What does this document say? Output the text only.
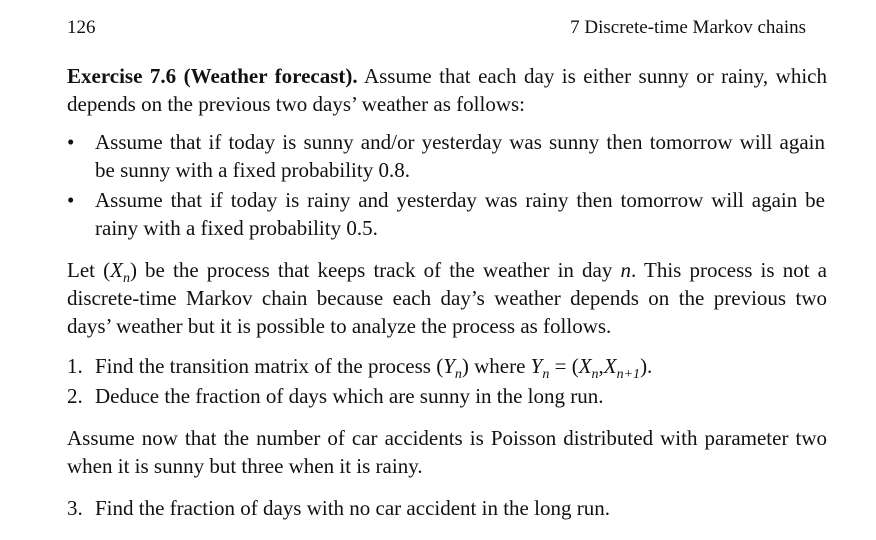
126	7 Discrete-time Markov chains
Exercise 7.6 (Weather forecast). Assume that each day is either sunny or rainy, which depends on the previous two days’ weather as follows:
• Assume that if today is sunny and/or yesterday was sunny then tomorrow will again be sunny with a fixed probability 0.8.
• Assume that if today is rainy and yesterday was rainy then tomorrow will again be rainy with a fixed probability 0.5.
Let $(X_n)$ be the process that keeps track of the weather in day n. This process is not a discrete-time Markov chain because each day’s weather depends on the previous two days’ weather but it is possible to analyze the process as follows.
1. Find the transition matrix of the process $(Y_n)$ where $Y_n = (X_n,X_{n+1})$.
2. Deduce the fraction of days which are sunny in the long run.
Assume now that the number of car accidents is Poisson distributed with parameter two when it is sunny but three when it is rainy.
3. Find the fraction of days with no car accident in the long run.
